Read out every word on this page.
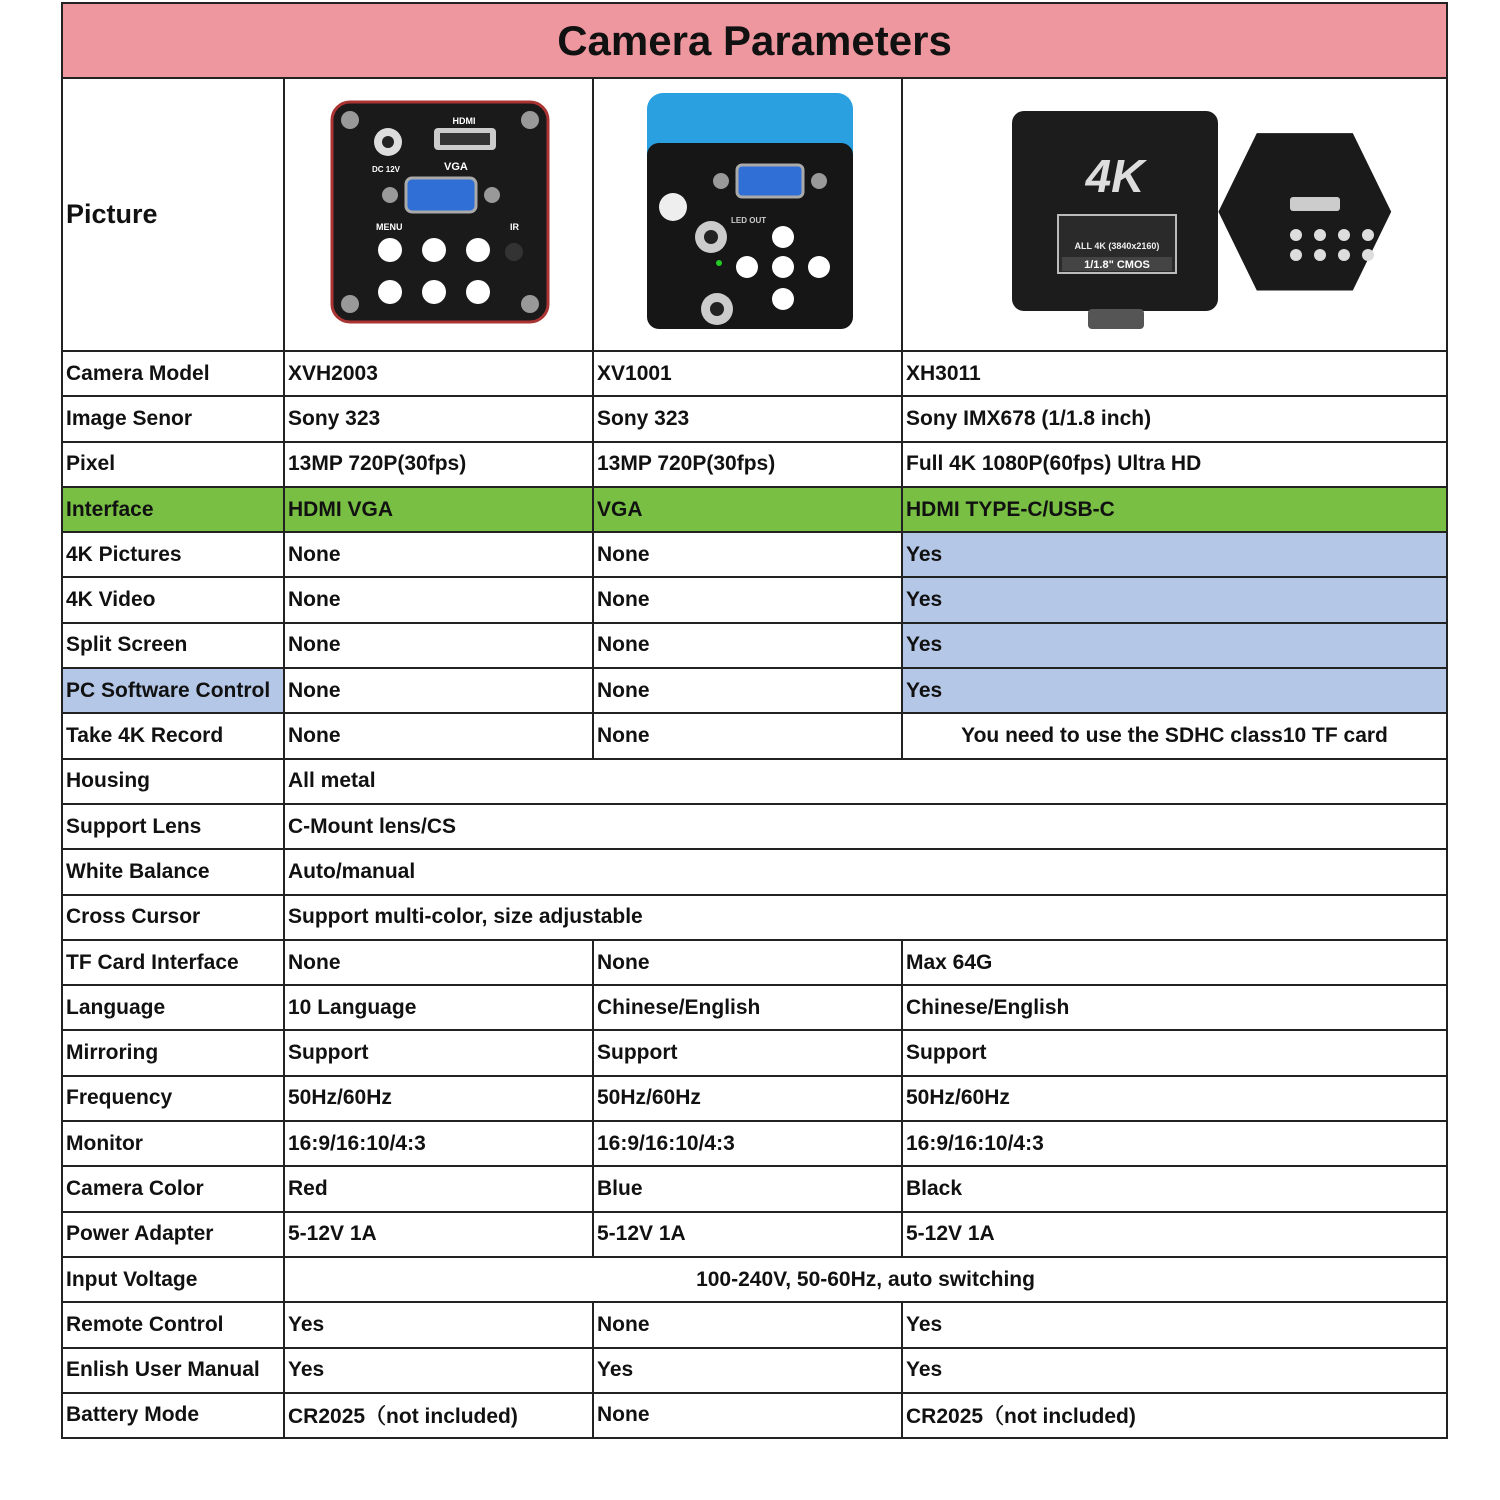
Camera Parameters			
Picture	HDMI
DC 12V VGA
MENU IR	LED OUT	4K
ALL 4K (3840x2160)
1/1.8" CMOS

Camera Model	XVH2003	XV1001	XH3011
Image Senor	Sony 323	Sony 323	Sony IMX678 (1/1.8 inch)
Pixel	13MP 720P(30fps)	13MP 720P(30fps)	Full 4K 1080P(60fps) Ultra HD
Interface	HDMI VGA	VGA	HDMI TYPE-C/USB-C
4K Pictures	None	None	Yes
4K Video	None	None	Yes
Split Screen	None	None	Yes
PC Software Control	None	None	Yes
Take 4K Record	None	None	You need to use the SDHC class10 TF card
Housing	All metal		
Support Lens	C-Mount lens/CS		
White Balance	Auto/manual		
Cross Cursor	Support multi-color, size adjustable		
TF Card Interface	None	None	Max 64G
Language	10 Language	Chinese/English	Chinese/English
Mirroring	Support	Support	Support
Frequency	50Hz/60Hz	50Hz/60Hz	50Hz/60Hz
Monitor	16:9/16:10/4:3	16:9/16:10/4:3	16:9/16:10/4:3
Camera Color	Red	Blue	Black
Power Adapter	5-12V 1A	5-12V 1A	5-12V 1A
Input Voltage	100-240V, 50-60Hz, auto switching		
Remote Control	Yes	None	Yes
Enlish User Manual	Yes	Yes	Yes
Battery Mode	CR2025（not included)	None	CR2025（not included)
